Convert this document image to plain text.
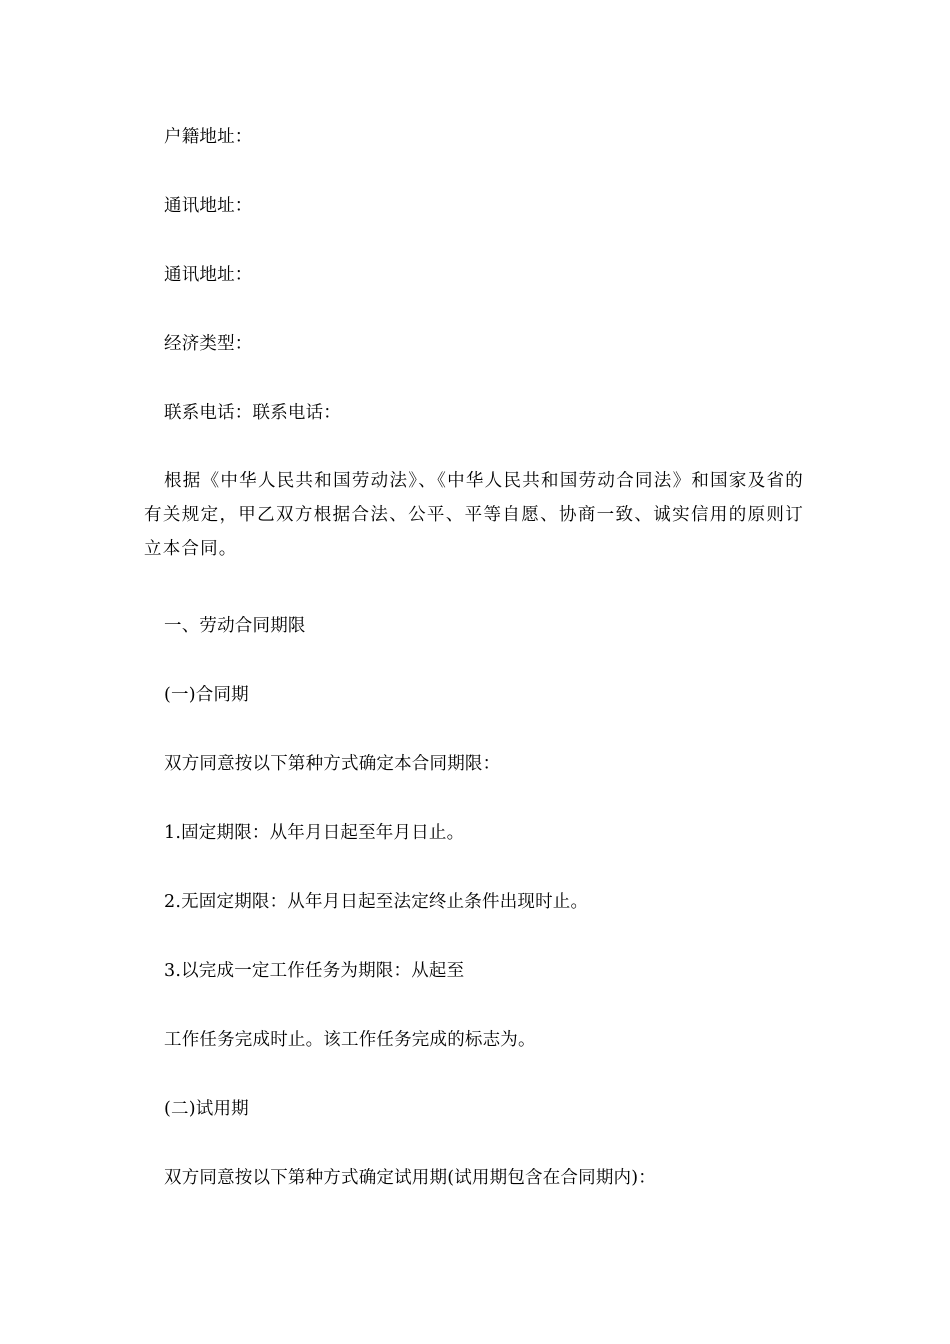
户籍地址：
通讯地址：
通讯地址：
经济类型：
联系电话：联系电话：
根据《中华人民共和国劳动法》、《中华人民共和国劳动合同法》和国家及省的有关规定，甲乙双方根据合法、公平、平等自愿、协商一致、诚实信用的原则订立本合同。
一、劳动合同期限
(一)合同期
双方同意按以下第种方式确定本合同期限：
1.固定期限：从年月日起至年月日止。
2.无固定期限：从年月日起至法定终止条件出现时止。
3.以完成一定工作任务为期限：从起至
工作任务完成时止。该工作任务完成的标志为。
(二)试用期
双方同意按以下第种方式确定试用期(试用期包含在合同期内)：
